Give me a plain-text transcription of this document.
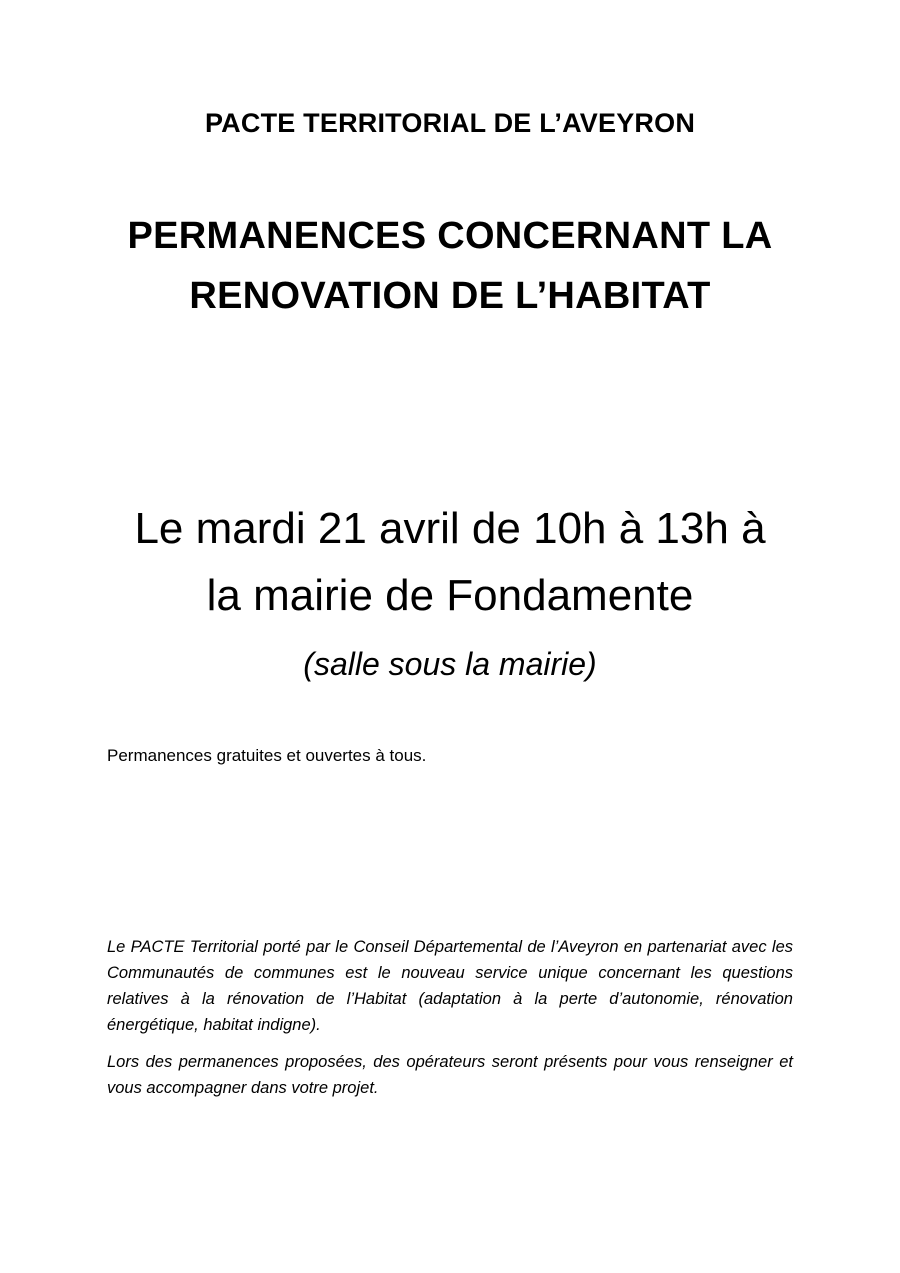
PACTE TERRITORIAL DE L’AVEYRON
PERMANENCES CONCERNANT LA
RENOVATION DE L’HABITAT
Le mardi 21 avril de 10h à 13h à
la mairie de Fondamente
(salle sous la mairie)
Permanences gratuites et ouvertes à tous.

Le PACTE Territorial porté par le Conseil Départemental de l’Aveyron en partenariat avec les Communautés de communes est le nouveau service unique concernant les questions relatives à la rénovation de l’Habitat (adaptation à la perte d’autonomie, rénovation énergétique, habitat indigne).

Lors des permanences proposées, des opérateurs seront présents pour vous renseigner et vous accompagner dans votre projet.
